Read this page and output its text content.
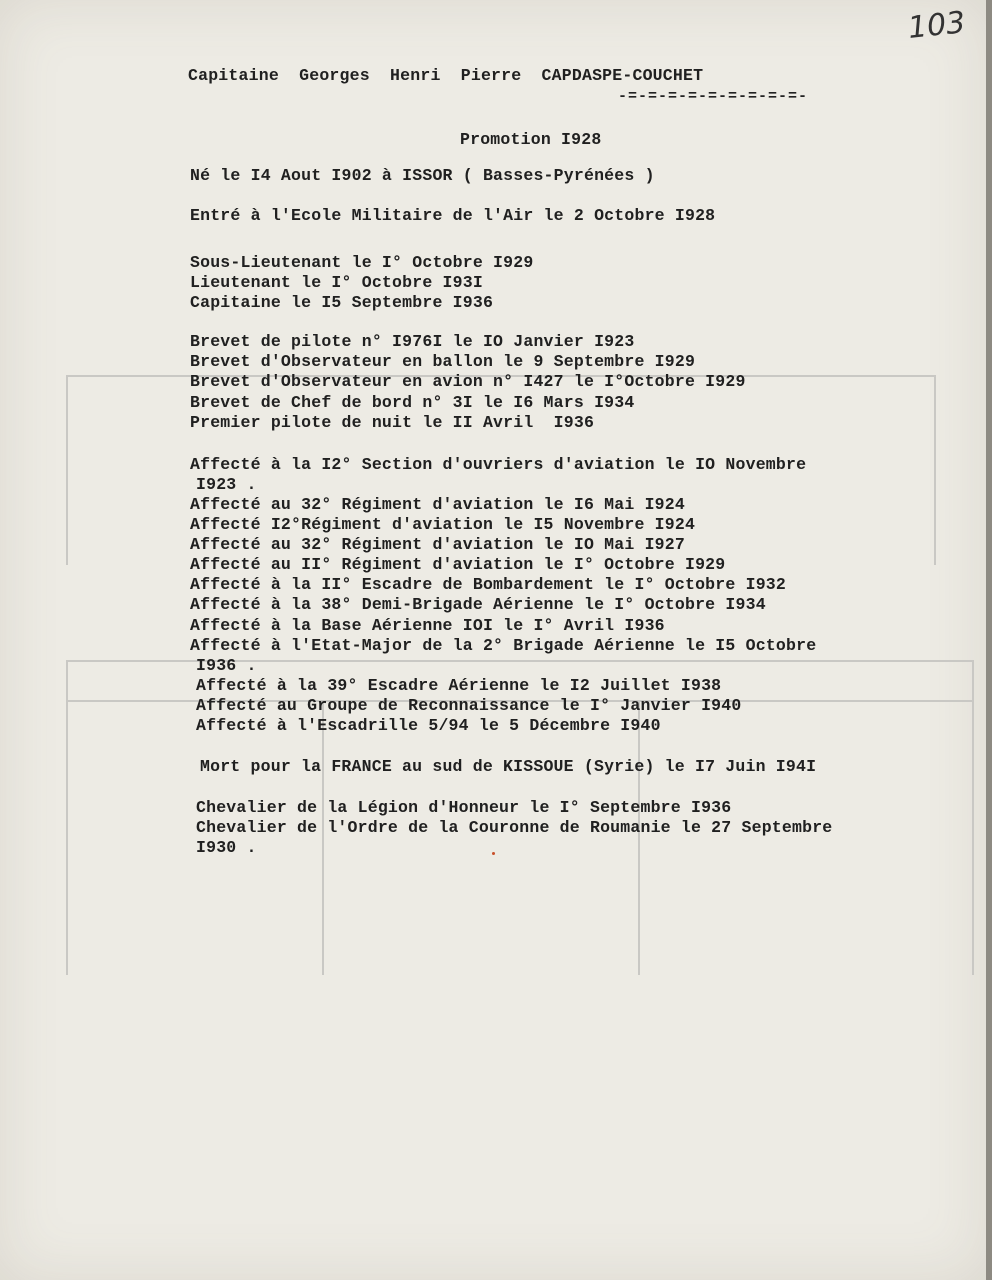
103
Capitaine  Georges  Henri  Pierre  CAPDASPE-COUCHET
-=-=-=-=-=-=-=-=-=-
Promotion I928
Né le I4 Aout I902 à ISSOR ( Basses-Pyrénées )
Entré à l'Ecole Militaire de l'Air le 2 Octobre I928
Sous-Lieutenant le I° Octobre I929
Lieutenant le I° Octobre I93I
Capitaine le I5 Septembre I936
Brevet de pilote n° I976I le IO Janvier I923
Brevet d'Observateur en ballon le 9 Septembre I929
Brevet d'Observateur en avion n° I427 le I°Octobre I929
Brevet de Chef de bord n° 3I le I6 Mars I934
Premier pilote de nuit le II Avril  I936
Affecté à la I2° Section d'ouvriers d'aviation le IO Novembre
I923 .
Affecté au 32° Régiment d'aviation le I6 Mai I924
Affecté I2°Régiment d'aviation le I5 Novembre I924
Affecté au 32° Régiment d'aviation le IO Mai I927
Affecté au II° Régiment d'aviation le I° Octobre I929
Affecté à la II° Escadre de Bombardement le I° Octobre I932
Affecté à la 38° Demi-Brigade Aérienne le I° Octobre I934
Affecté à la Base Aérienne IOI le I° Avril I936
Affecté à l'Etat-Major de la 2° Brigade Aérienne le I5 Octobre
I936 .
Affecté à la 39° Escadre Aérienne le I2 Juillet I938
Affecté au Groupe de Reconnaissance le I° Janvier I940
Affecté à l'Escadrille 5/94 le 5 Décembre I940
Mort pour la FRANCE au sud de KISSOUE (Syrie) le I7 Juin I94I
Chevalier de la Légion d'Honneur le I° Septembre I936
Chevalier de l'Ordre de la Couronne de Roumanie le 27 Septembre
I930 .
